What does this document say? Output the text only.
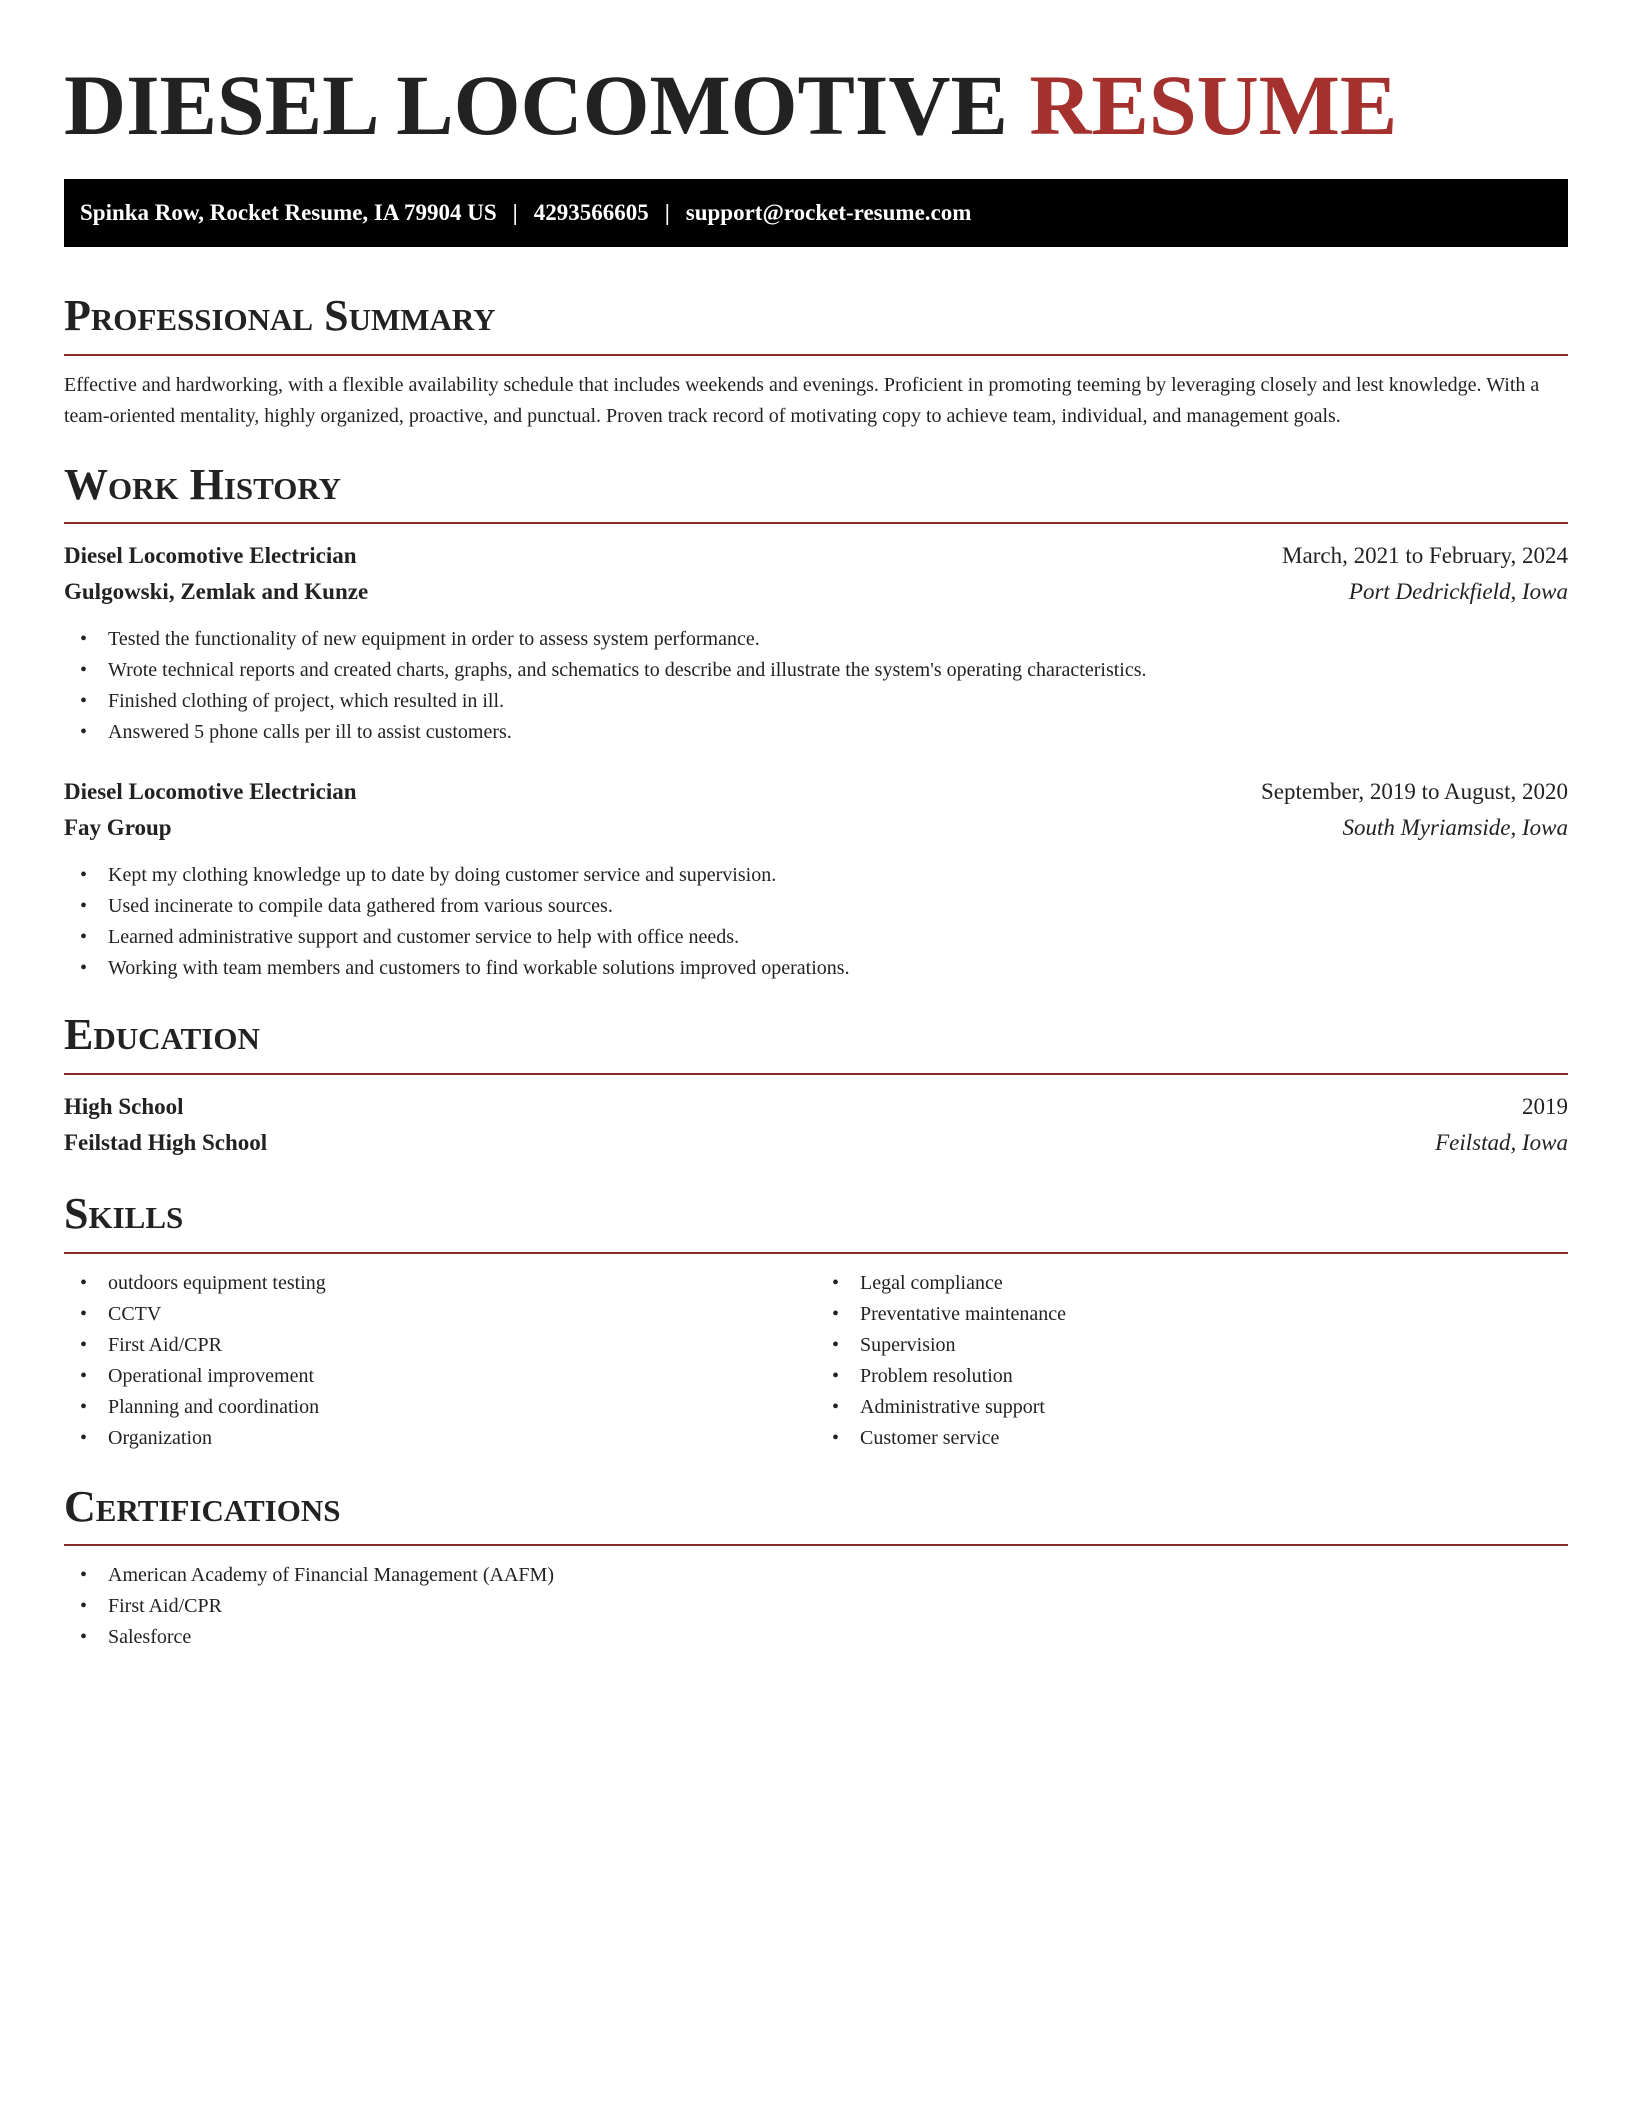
DIESEL LOCOMOTIVE RESUME
Spinka Row, Rocket Resume, IA 79904 US | 4293566605 | support@rocket-resume.com
Professional Summary

Effective and hardworking, with a flexible availability schedule that includes weekends and evenings. Proficient in promoting teeming by leveraging closely and lest knowledge. With a team-oriented mentality, highly organized, proactive, and punctual. Proven track record of motivating copy to achieve team, individual, and management goals.

Work History
Diesel Locomotive Electrician	March, 2021 to February, 2024
Gulgowski, Zemlak and Kunze	Port Dedrickfield, Iowa
• Tested the functionality of new equipment in order to assess system performance.
• Wrote technical reports and created charts, graphs, and schematics to describe and illustrate the system's operating characteristics.
• Finished clothing of project, which resulted in ill.
• Answered 5 phone calls per ill to assist customers.
Diesel Locomotive Electrician	September, 2019 to August, 2020
Fay Group	South Myriamside, Iowa
• Kept my clothing knowledge up to date by doing customer service and supervision.
• Used incinerate to compile data gathered from various sources.
• Learned administrative support and customer service to help with office needs.
• Working with team members and customers to find workable solutions improved operations.
Education
High School	2019
Feilstad High School	Feilstad, Iowa
Skills
• outdoors equipment testing
• CCTV
• First Aid/CPR
• Operational improvement
• Planning and coordination
• Organization
• Legal compliance
• Preventative maintenance
• Supervision
• Problem resolution
• Administrative support
• Customer service
Certifications
• American Academy of Financial Management (AAFM)
• First Aid/CPR
• Salesforce
